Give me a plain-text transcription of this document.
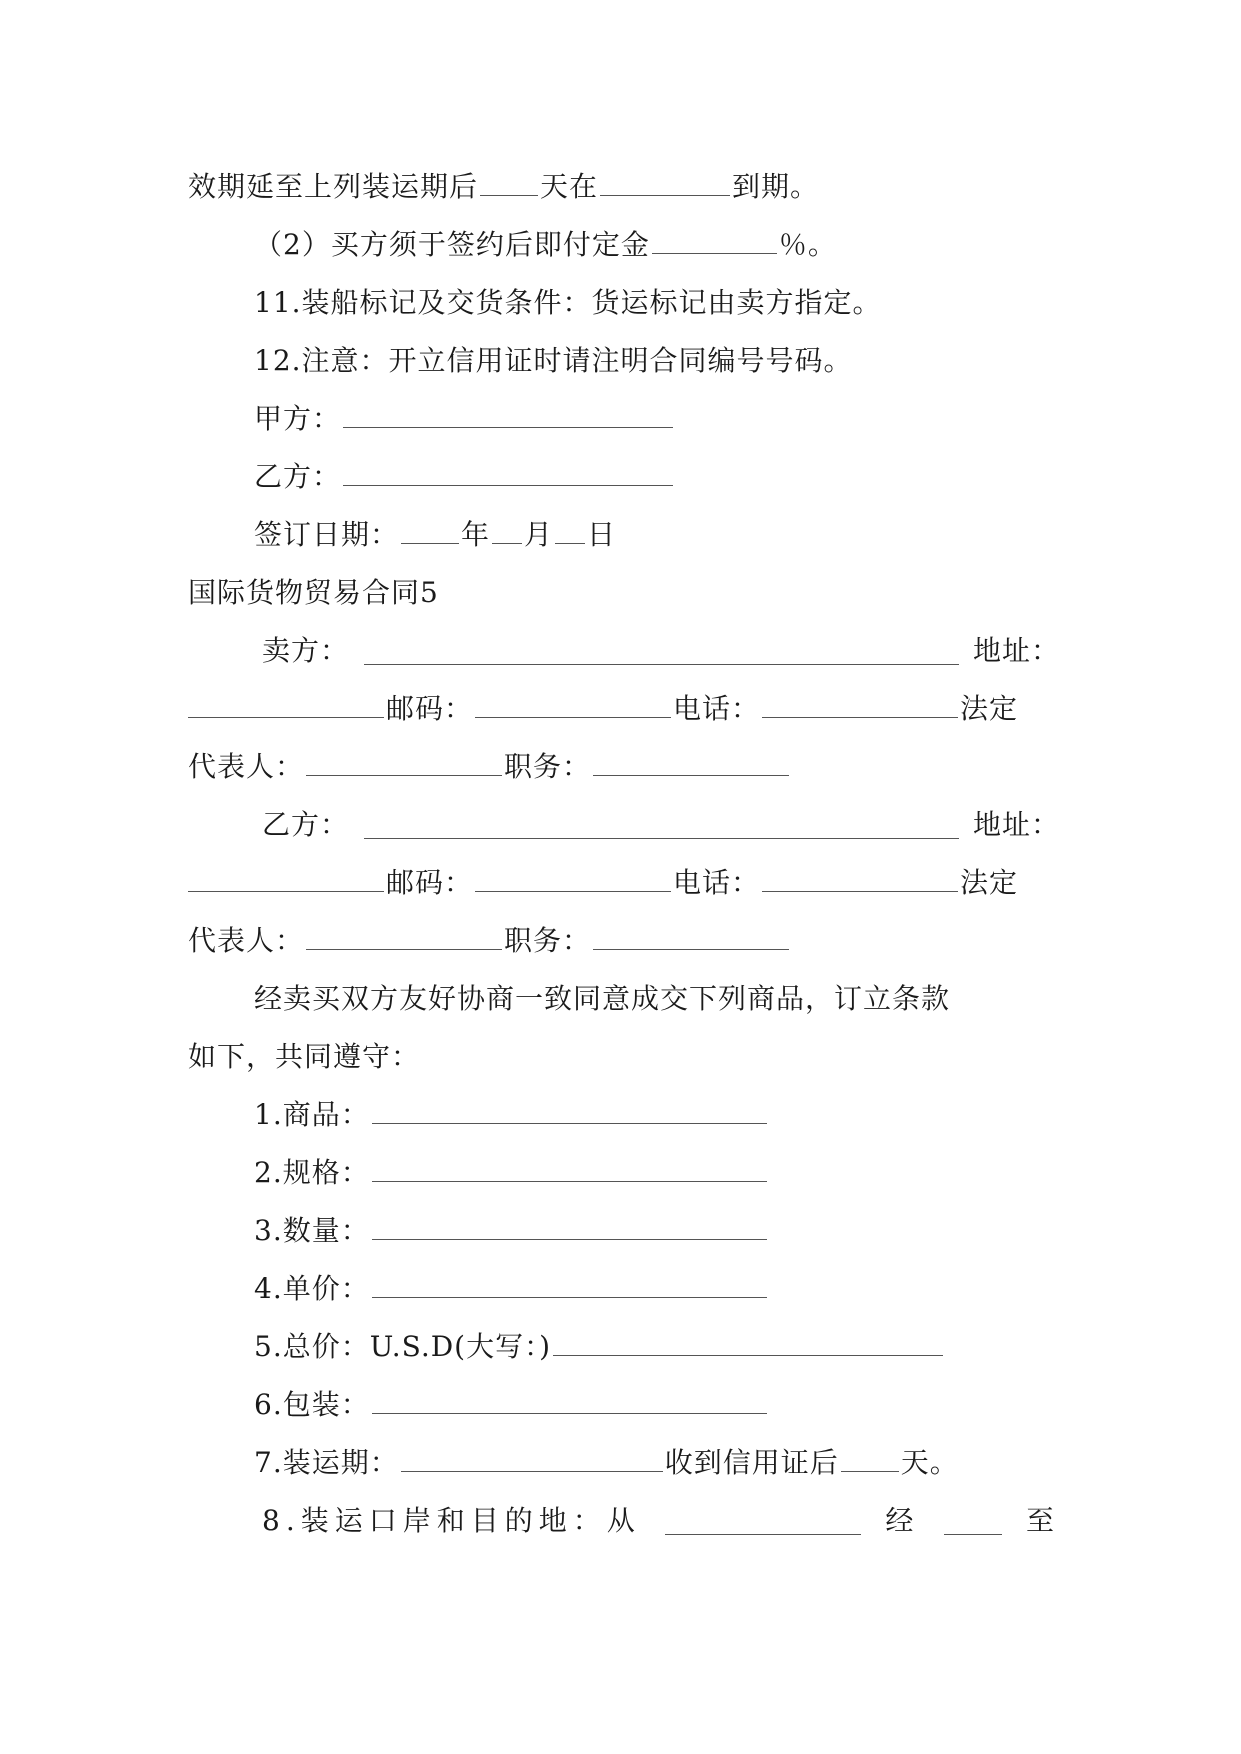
效期延至上列装运期后 天在	到期。
（2）买方须于签约后即付定金	％。
11.装船标记及交货条件：货运标记由卖方指定。
12.注意：开立信用证时请注明合同编号号码。
甲方：
乙方：
签订日期： 年 月 日
国际货物贸易合同5
卖方：	地址：
邮码：	电话：	法定
代表人：	职务：
乙方：	地址：
邮码：	电话：	法定
代表人：	职务：
经卖买双方友好协商一致同意成交下列商品，订立条款
如下，共同遵守：
1.商品：
2.规格：
3.数量：
4.单价：
5.总价：U.S.D(大写：)
6.包装：
7.装运期：	收到信用证后 天。
8.装运口岸和目的地：从	经	至
